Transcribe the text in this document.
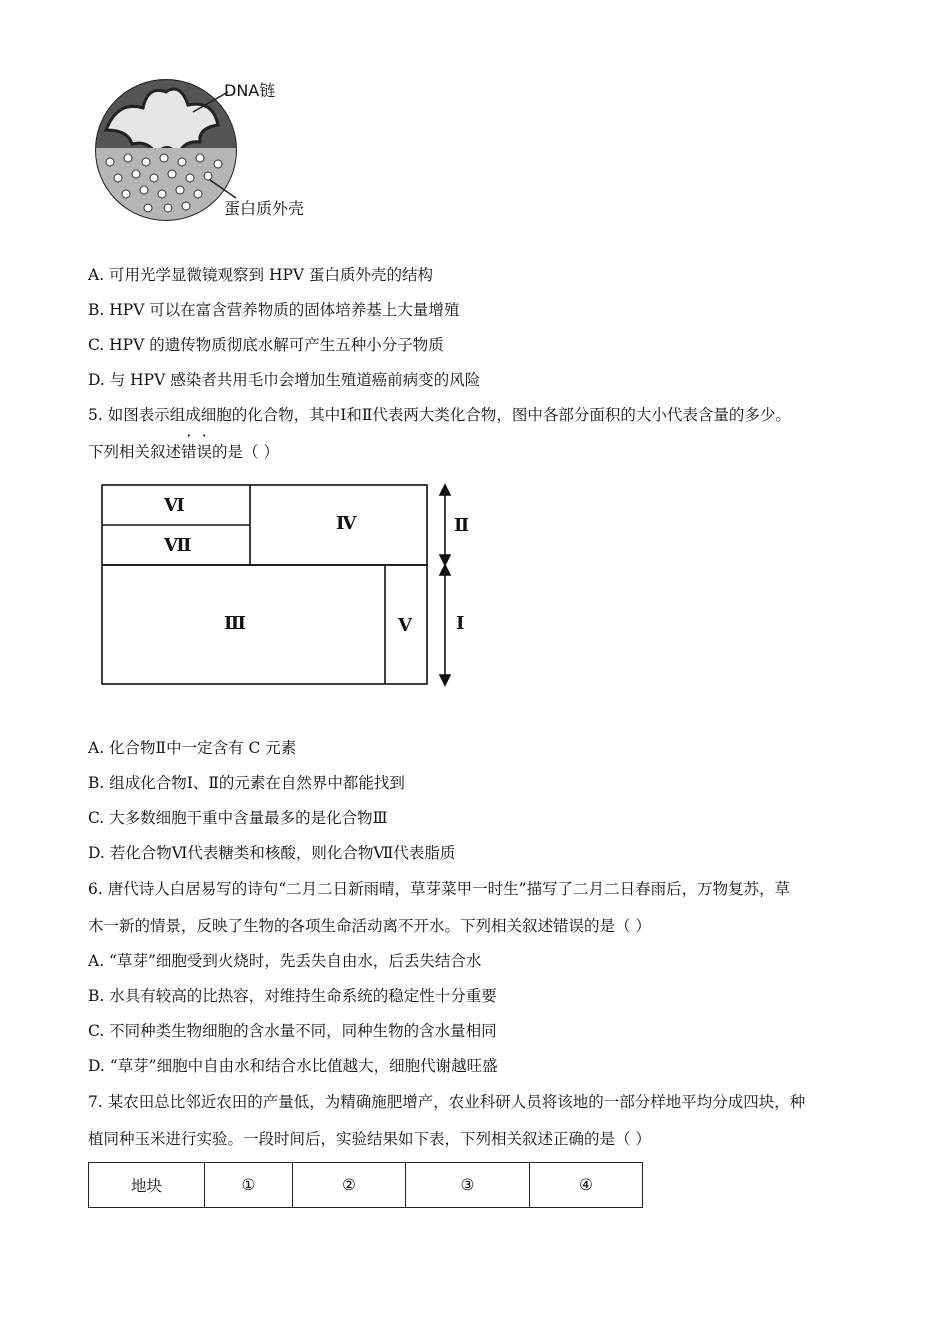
DNA链
蛋白质外壳
A. 可用光学显微镜观察到 HPV 蛋白质外壳的结构
B. HPV 可以在富含营养物质的固体培养基上大量增殖
C. HPV 的遗传物质彻底水解可产生五种小分子物质
D. 与 HPV 感染者共用毛巾会增加生殖道癌前病变的风险
5. 如图表示组成细胞的化合物，其中Ⅰ和Ⅱ代表两大类化合物，图中各部分面积的大小代表含量的多少。
下列相关叙述错误的是（ ）
Ⅵ
Ⅶ
Ⅳ
Ⅲ	Ⅴ
Ⅱ
Ⅰ
A. 化合物Ⅱ中一定含有 C 元素
B. 组成化合物Ⅰ、Ⅱ的元素在自然界中都能找到
C. 大多数细胞干重中含量最多的是化合物Ⅲ
D. 若化合物Ⅵ代表糖类和核酸，则化合物Ⅶ代表脂质
6. 唐代诗人白居易写的诗句“二月二日新雨晴，草芽菜甲一时生”描写了二月二日春雨后，万物复苏，草
木一新的情景，反映了生物的各项生命活动离不开水。下列相关叙述错误的是（ ）
A. “草芽”细胞受到火烧时，先丢失自由水，后丢失结合水
B. 水具有较高的比热容，对维持生命系统的稳定性十分重要
C. 不同种类生物细胞的含水量不同，同种生物的含水量相同
D. “草芽”细胞中自由水和结合水比值越大，细胞代谢越旺盛
7. 某农田总比邻近农田的产量低，为精确施肥增产，农业科研人员将该地的一部分样地平均分成四块，种
植同种玉米进行实验。一段时间后，实验结果如下表，下列相关叙述正确的是（ ）
地块	①	②	③	④
